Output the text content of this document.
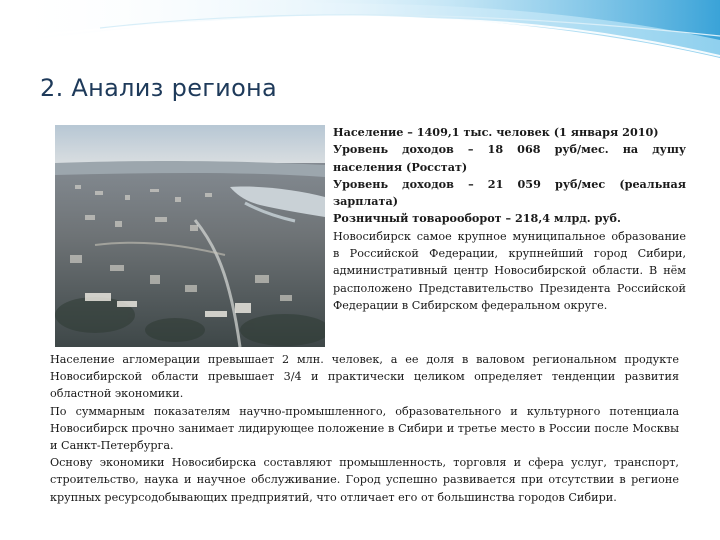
2. Анализ региона
Население – 1409,1 тыс. человек (1 января 2010)
Уровень доходов – 18 068 руб/мес. на душу населения (Росстат)
Уровень доходов – 21 059 руб/мес (реальная зарплата)
Розничный товарооборот – 218,4 млрд. руб.
Новосибирск самое крупное муниципальное образование в Российской Федерации, крупнейший город Сибири, административный центр Новосибирской области. В нём расположено Представительство Президента Российской Федерации в Сибирском федеральном округе.
Население агломерации превышает 2 млн. человек, а ее доля в валовом региональном продукте Новосибирской области превышает 3/4 и практически целиком определяет тенденции развития областной экономики.
По суммарным показателям научно-промышленного, образовательного и культурного потенциала Новосибирск прочно занимает лидирующее положение в Сибири и третье место в России после Москвы и Санкт-Петербурга.
Основу экономики Новосибирска составляют промышленность, торговля и сфера услуг, транспорт, строительство, наука и научное обслуживание. Город успешно развивается при отсутствии в регионе крупных ресурсодобывающих предприятий, что отличает его от большинства городов Сибири.
